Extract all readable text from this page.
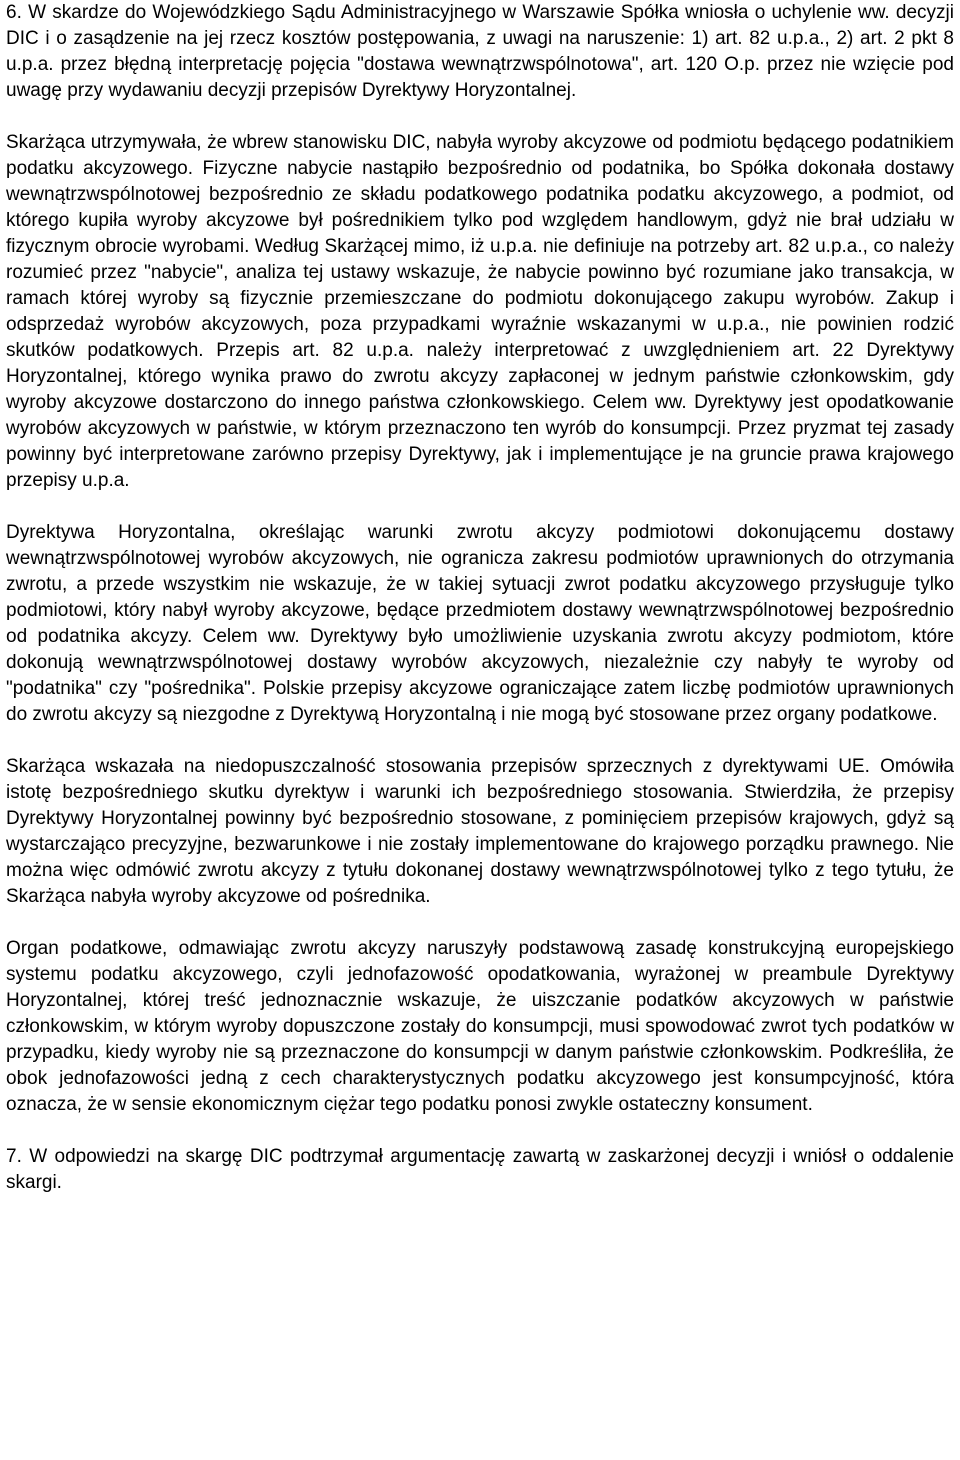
6. W skardze do Wojewódzkiego Sądu Administracyjnego w Warszawie Spółka wniosła o uchylenie ww. decyzji DIC i o zasądzenie na jej rzecz kosztów postępowania, z uwagi na naruszenie: 1) art. 82 u.p.a., 2) art. 2 pkt 8 u.p.a. przez błędną interpretację pojęcia "dostawa wewnątrzwspólnotowa", art. 120 O.p. przez nie wzięcie pod uwagę przy wydawaniu decyzji przepisów Dyrektywy Horyzontalnej.

Skarżąca utrzymywała, że wbrew stanowisku DIC, nabyła wyroby akcyzowe od podmiotu będącego podatnikiem podatku akcyzowego. Fizyczne nabycie nastąpiło bezpośrednio od podatnika, bo Spółka dokonała dostawy wewnątrzwspólnotowej bezpośrednio ze składu podatkowego podatnika podatku akcyzowego, a podmiot, od którego kupiła wyroby akcyzowe był pośrednikiem tylko pod względem handlowym, gdyż nie brał udziału w fizycznym obrocie wyrobami. Według Skarżącej mimo, iż u.p.a. nie definiuje na potrzeby art. 82 u.p.a., co należy rozumieć przez "nabycie", analiza tej ustawy wskazuje, że nabycie powinno być rozumiane jako transakcja, w ramach której wyroby są fizycznie przemieszczane do podmiotu dokonującego zakupu wyrobów. Zakup i odsprzedaż wyrobów akcyzowych, poza przypadkami wyraźnie wskazanymi w u.p.a., nie powinien rodzić skutków podatkowych. Przepis art. 82 u.p.a. należy interpretować z uwzględnieniem art. 22 Dyrektywy Horyzontalnej, którego wynika prawo do zwrotu akcyzy zapłaconej w jednym państwie członkowskim, gdy wyroby akcyzowe dostarczono do innego państwa członkowskiego. Celem ww. Dyrektywy jest opodatkowanie wyrobów akcyzowych w państwie, w którym przeznaczono ten wyrób do konsumpcji. Przez pryzmat tej zasady powinny być interpretowane zarówno przepisy Dyrektywy, jak i implementujące je na gruncie prawa krajowego przepisy u.p.a.

Dyrektywa Horyzontalna, określając warunki zwrotu akcyzy podmiotowi dokonującemu dostawy wewnątrzwspólnotowej wyrobów akcyzowych, nie ogranicza zakresu podmiotów uprawnionych do otrzymania zwrotu, a przede wszystkim nie wskazuje, że w takiej sytuacji zwrot podatku akcyzowego przysługuje tylko podmiotowi, który nabył wyroby akcyzowe, będące przedmiotem dostawy wewnątrzwspólnotowej bezpośrednio od podatnika akcyzy. Celem ww. Dyrektywy było umożliwienie uzyskania zwrotu akcyzy podmiotom, które dokonują wewnątrzwspólnotowej dostawy wyrobów akcyzowych, niezależnie czy nabyły te wyroby od "podatnika" czy "pośrednika". Polskie przepisy akcyzowe ograniczające zatem liczbę podmiotów uprawnionych do zwrotu akcyzy są niezgodne z Dyrektywą Horyzontalną i nie mogą być stosowane przez organy podatkowe.

Skarżąca wskazała na niedopuszczalność stosowania przepisów sprzecznych z dyrektywami UE. Omówiła istotę bezpośredniego skutku dyrektyw i warunki ich bezpośredniego stosowania. Stwierdziła, że przepisy Dyrektywy Horyzontalnej powinny być bezpośrednio stosowane, z pominięciem przepisów krajowych, gdyż są wystarczająco precyzyjne, bezwarunkowe i nie zostały implementowane do krajowego porządku prawnego. Nie można więc odmówić zwrotu akcyzy z tytułu dokonanej dostawy wewnątrzwspólnotowej tylko z tego tytułu, że Skarżąca nabyła wyroby akcyzowe od pośrednika.

Organ podatkowe, odmawiając zwrotu akcyzy naruszyły podstawową zasadę konstrukcyjną europejskiego systemu podatku akcyzowego, czyli jednofazowość opodatkowania, wyrażonej w preambule Dyrektywy Horyzontalnej, której treść jednoznacznie wskazuje, że uiszczanie podatków akcyzowych w państwie członkowskim, w którym wyroby dopuszczone zostały do konsumpcji, musi spowodować zwrot tych podatków w przypadku, kiedy wyroby nie są przeznaczone do konsumpcji w danym państwie członkowskim. Podkreśliła, że obok jednofazowości jedną z cech charakterystycznych podatku akcyzowego jest konsumpcyjność, która oznacza, że w sensie ekonomicznym ciężar tego podatku ponosi zwykle ostateczny konsument.

7. W odpowiedzi na skargę DIC podtrzymał argumentację zawartą w zaskarżonej decyzji i wniósł o oddalenie skargi.
